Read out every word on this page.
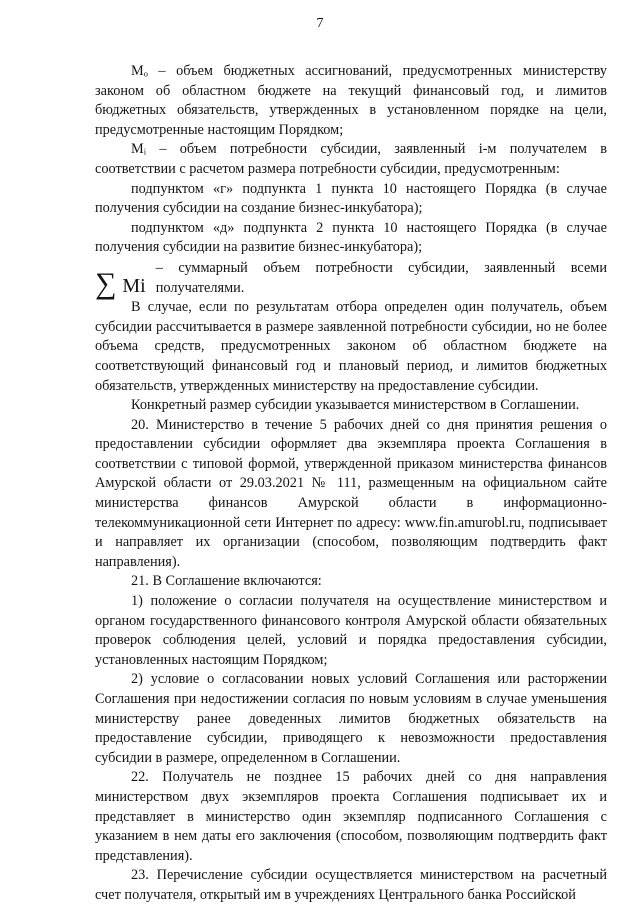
7

Mₒ – объем бюджетных ассигнований, предусмотренных министерству законом об областном бюджете на текущий финансовый год, и лимитов бюджетных обязательств, утвержденных в установленном порядке на цели, предусмотренные настоящим Порядком;

Mᵢ – объем потребности субсидии, заявленный i-м получателем в соответствии с расчетом размера потребности субсидии, предусмотренным:

подпунктом «г» подпункта 1 пункта 10 настоящего Порядка (в случае получения субсидии на создание бизнес-инкубатора);

подпунктом «д» подпункта 2 пункта 10 настоящего Порядка (в случае получения субсидии на развитие бизнес-инкубатора);

∑ Mi
– суммарный объем потребности субсидии, заявленный всеми получателями.

В случае, если по результатам отбора определен один получатель, объем субсидии рассчитывается в размере заявленной потребности субсидии, но не более объема средств, предусмотренных законом об областном бюджете на соответствующий финансовый год и плановый период, и лимитов бюджетных обязательств, утвержденных министерству на предоставление субсидии.

Конкретный размер субсидии указывается министерством в Соглашении.

20. Министерство в течение 5 рабочих дней со дня принятия решения о предоставлении субсидии оформляет два экземпляра проекта Соглашения в соответствии с типовой формой, утвержденной приказом министерства финансов Амурской области от 29.03.2021 № 111, размещенным на официальном сайте министерства финансов Амурской области в информационно-телекоммуникационной сети Интернет по адресу: www.fin.amurobl.ru, подписывает и направляет их организации (способом, позволяющим подтвердить факт направления).

21. В Соглашение включаются:

1) положение о согласии получателя на осуществление министерством и органом государственного финансового контроля Амурской области обязательных проверок соблюдения целей, условий и порядка предоставления субсидии, установленных настоящим Порядком;

2) условие о согласовании новых условий Соглашения или расторжении Соглашения при недостижении согласия по новым условиям в случае уменьшения министерству ранее доведенных лимитов бюджетных обязательств на предоставление субсидии, приводящего к невозможности предоставления субсидии в размере, определенном в Соглашении.

22. Получатель не позднее 15 рабочих дней со дня направления министерством двух экземпляров проекта Соглашения подписывает их и представляет в министерство один экземпляр подписанного Соглашения с указанием в нем даты его заключения (способом, позволяющим подтвердить факт представления).

23. Перечисление субсидии осуществляется министерством на расчетный счет получателя, открытый им в учреждениях Центрального банка Российской
